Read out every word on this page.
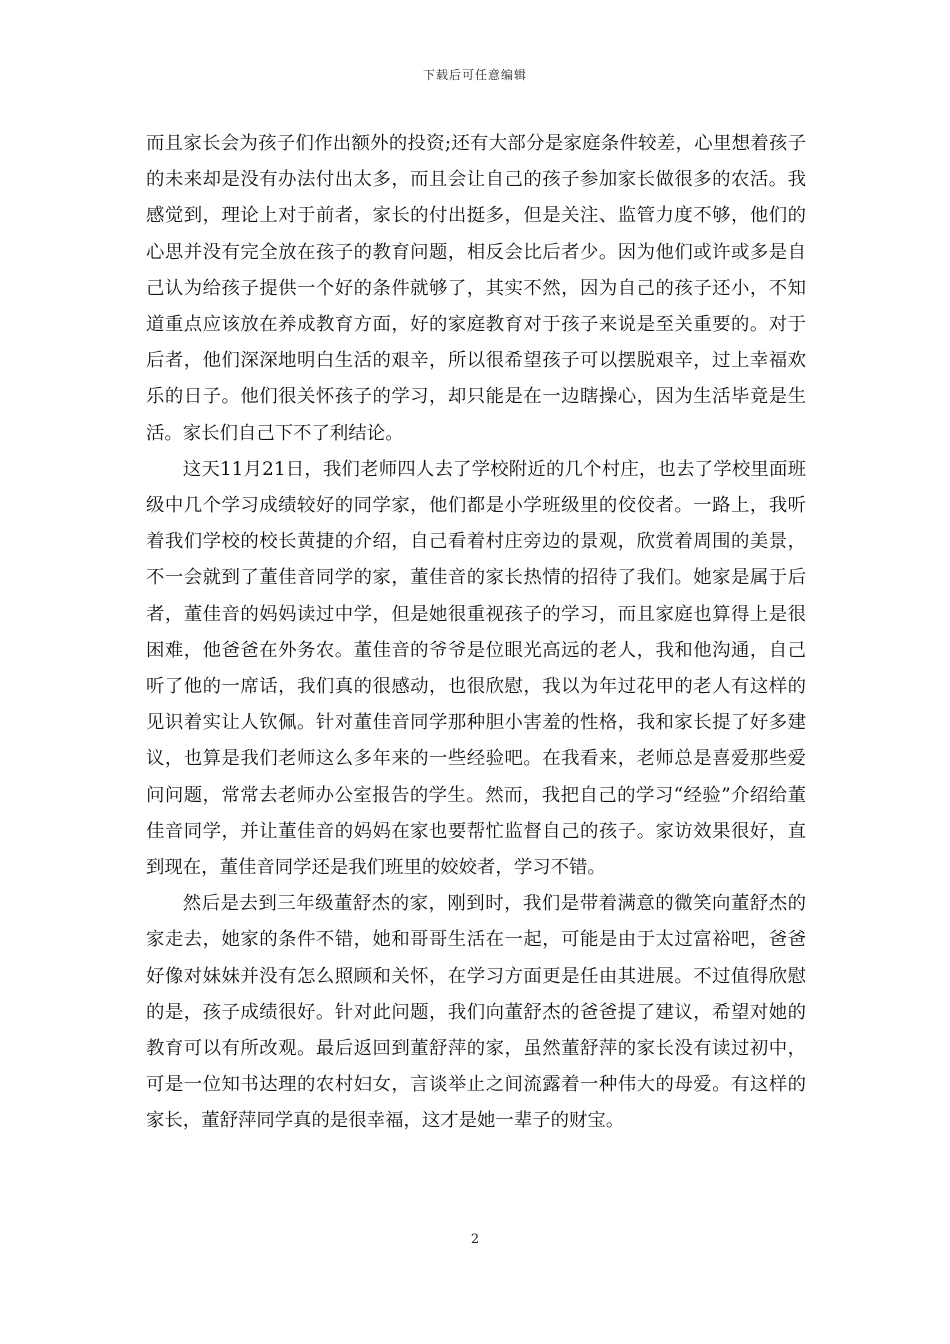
下载后可任意编辑

而且家长会为孩子们作出额外的投资;还有大部分是家庭条件较差，心里想着孩子的未来却是没有办法付出太多，而且会让自己的孩子参加家长做很多的农活。我感觉到，理论上对于前者，家长的付出挺多，但是关注、监管力度不够，他们的心思并没有完全放在孩子的教育问题，相反会比后者少。因为他们或许或多是自己认为给孩子提供一个好的条件就够了，其实不然，因为自己的孩子还小，不知道重点应该放在养成教育方面，好的家庭教育对于孩子来说是至关重要的。对于后者，他们深深地明白生活的艰辛，所以很希望孩子可以摆脱艰辛，过上幸福欢乐的日子。他们很关怀孩子的学习，却只能是在一边瞎操心，因为生活毕竟是生活。家长们自己下不了利结论。

这天11月21日，我们老师四人去了学校附近的几个村庄，也去了学校里面班级中几个学习成绩较好的同学家，他们都是小学班级里的佼佼者。一路上，我听着我们学校的校长黄捷的介绍，自己看着村庄旁边的景观，欣赏着周围的美景，不一会就到了董佳音同学的家，董佳音的家长热情的招待了我们。她家是属于后者，董佳音的妈妈读过中学，但是她很重视孩子的学习，而且家庭也算得上是很困难，他爸爸在外务农。董佳音的爷爷是位眼光高远的老人，我和他沟通，自己听了他的一席话，我们真的很感动，也很欣慰，我以为年过花甲的老人有这样的见识着实让人钦佩。针对董佳音同学那种胆小害羞的性格，我和家长提了好多建议，也算是我们老师这么多年来的一些经验吧。在我看来，老师总是喜爱那些爱问问题，常常去老师办公室报告的学生。然而，我把自己的学习“经验”介绍给董佳音同学，并让董佳音的妈妈在家也要帮忙监督自己的孩子。家访效果很好，直到现在，董佳音同学还是我们班里的姣姣者，学习不错。

然后是去到三年级董舒杰的家，刚到时，我们是带着满意的微笑向董舒杰的家走去，她家的条件不错，她和哥哥生活在一起，可能是由于太过富裕吧，爸爸好像对妹妹并没有怎么照顾和关怀，在学习方面更是任由其进展。不过值得欣慰的是，孩子成绩很好。针对此问题，我们向董舒杰的爸爸提了建议，希望对她的教育可以有所改观。最后返回到董舒萍的家，虽然董舒萍的家长没有读过初中，可是一位知书达理的农村妇女，言谈举止之间流露着一种伟大的母爱。有这样的家长，董舒萍同学真的是很幸福，这才是她一辈子的财宝。

2
